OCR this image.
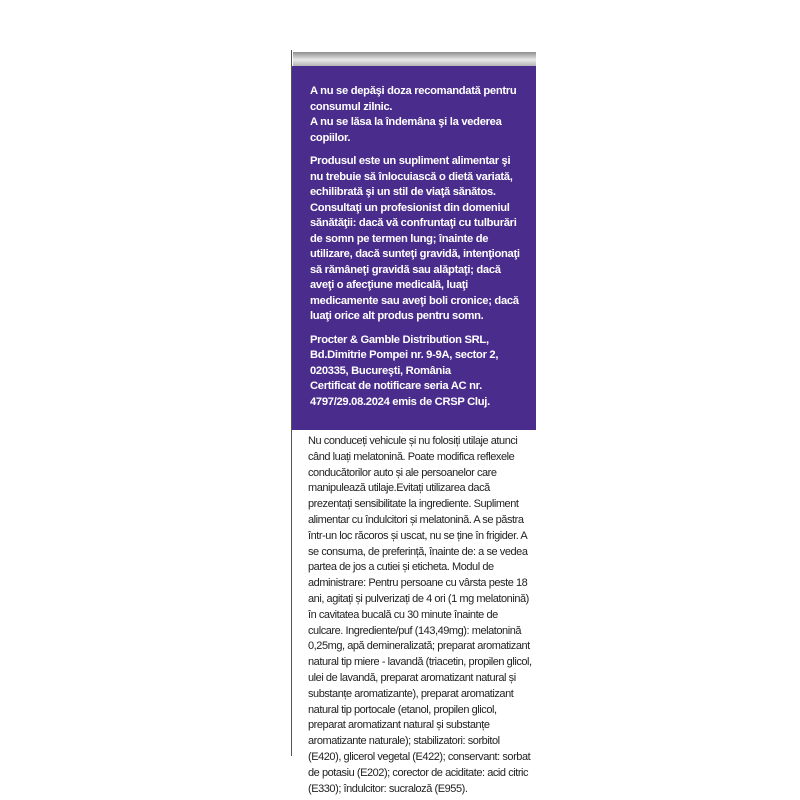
A nu se depăşi doza recomandată pentru consumul zilnic.

A nu se lăsa la îndemâna şi la vederea copiilor.

Produsul este un supliment alimentar şi nu trebuie să înlocuiască o dietă variată, echilibrată şi un stil de viaţă sănătos. Consultaţi un profesionist din domeniul sănătăţii: dacă vă confruntaţi cu tulburări de somn pe termen lung; înainte de utilizare, dacă sunteţi gravidă, intenţionaţi să rămâneţi gravidă sau alăptaţi; dacă aveţi o afecţiune medicală, luaţi medicamente sau aveţi boli cronice; dacă luaţi orice alt produs pentru somn.

Procter & Gamble Distribution SRL, Bd.Dimitrie Pompei nr. 9-9A, sector 2, 020335, Bucureşti, România

Certificat de notificare seria AC nr. 4797/29.08.2024 emis de CRSP Cluj.

Nu conduceți vehicule și nu folosiți utilaje atunci când luați melatonină. Poate modifica reflexele conducătorilor auto și ale persoanelor care manipulează utilaje.Evitați utilizarea dacă prezentați sensibilitate la ingrediente. Supliment alimentar cu îndulcitori și melatonină. A se păstra într-un loc răcoros și uscat, nu se ține în frigider. A se consuma, de preferință, înainte de: a se vedea partea de jos a cutiei și eticheta. Modul de administrare: Pentru persoane cu vârsta peste 18 ani, agitați și pulverizați de 4 ori (1 mg melatonină) în cavitatea bucală cu 30 minute înainte de culcare. Ingrediente/puf (143,49mg): melatonină 0,25mg, apă demineralizată; preparat aromatizant natural tip miere - lavandă (triacetin, propilen glicol, ulei de lavandă, preparat aromatizant natural și substanțe aromatizante), preparat aromatizant natural tip portocale (etanol, propilen glicol, preparat aromatizant natural și substanțe aromatizante naturale); stabilizatori: sorbitol (E420), glicerol vegetal (E422); conservant: sorbat de potasiu (E202); corector de aciditate: acid citric (E330); îndulcitor: sucraloză (E955).
